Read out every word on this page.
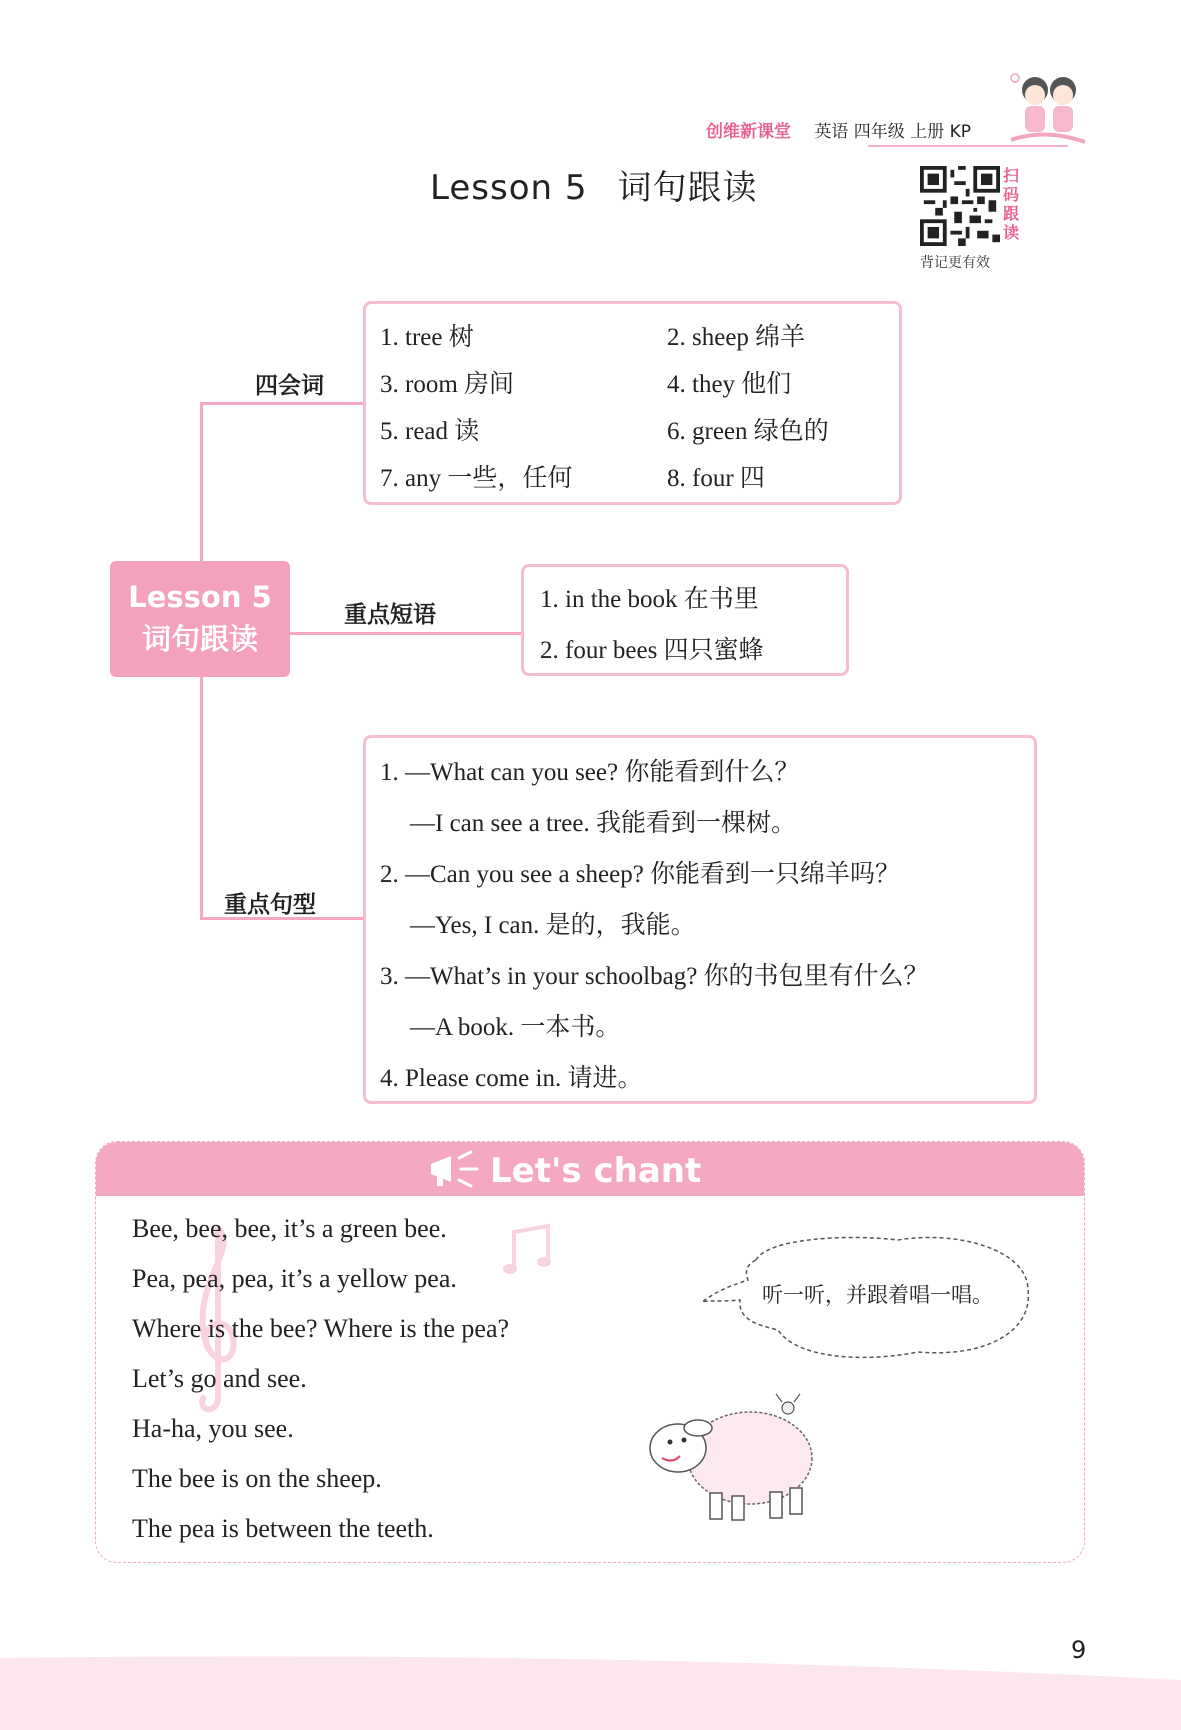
创维新课堂 英语 四年级 上册 KP
Lesson 5 词句跟读	扫码跟读
背记更有效
Lesson 5
词句跟读
四会词
1. tree 树	2. sheep 绵羊
3. room 房间	4. they 他们
5. read 读	6. green 绿色的
7. any 一些，任何	8. four 四
重点短语
1. in the book 在书里
2. four bees 四只蜜蜂
重点句型
1. —What can you see? 你能看到什么？
—I can see a tree. 我能看到一棵树。
2. —Can you see a sheep? 你能看到一只绵羊吗？
—Yes, I can. 是的，我能。
3. —What’s in your schoolbag? 你的书包里有什么？
—A book. 一本书。
4. Please come in. 请进。
Let's chant
Bee, bee, bee, it’s a green bee.
Pea, pea, pea, it’s a yellow pea.
Where is the bee? Where is the pea?
Let’s go and see.
Ha-ha, you see.
The bee is on the sheep.
The pea is between the teeth.
听一听，并跟着唱一唱。
9
